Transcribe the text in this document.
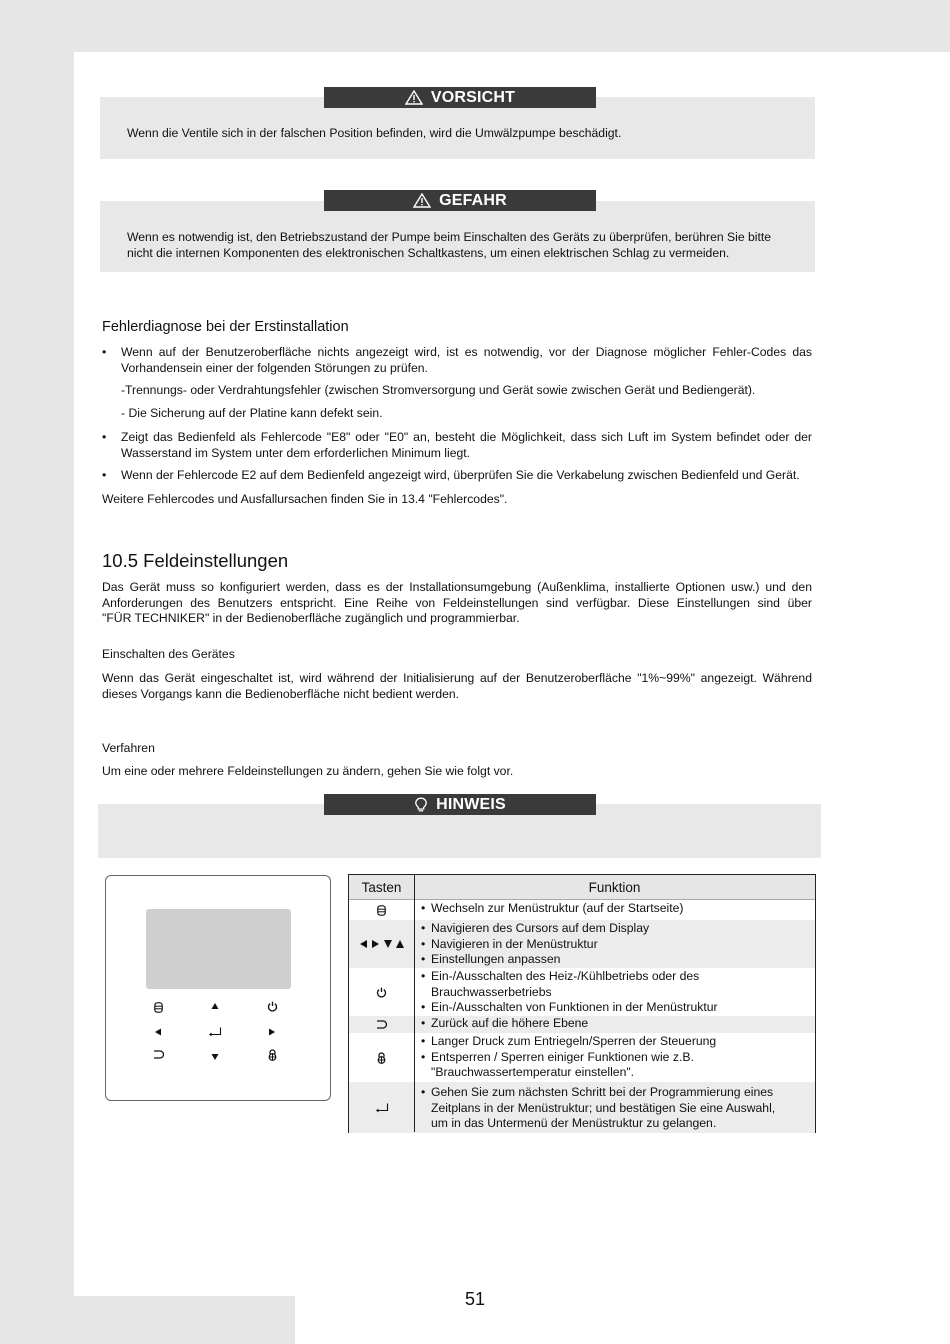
VORSICHT
Wenn die Ventile sich in der falschen Position befinden, wird die Umwälzpumpe beschädigt.
GEFAHR
Wenn es notwendig ist, den Betriebszustand der Pumpe beim Einschalten des Geräts zu überprüfen, berühren Sie bitte
nicht die internen Komponenten des elektronischen Schaltkastens, um einen elektrischen Schlag zu vermeiden.
Fehlerdiagnose bei der Erstinstallation
• Wenn auf der Benutzeroberfläche nichts angezeigt wird, ist es notwendig, vor der Diagnose möglicher Fehler-Codes das
Vorhandensein einer der folgenden Störungen zu prüfen.
-Trennungs- oder Verdrahtungsfehler (zwischen Stromversorgung und Gerät sowie zwischen Gerät und Bediengerät).
- Die Sicherung auf der Platine kann defekt sein.
• Zeigt das Bedienfeld als Fehlercode "E8" oder "E0" an, besteht die Möglichkeit, dass sich Luft im System befindet oder der
Wasserstand im System unter dem erforderlichen Minimum liegt.
• Wenn der Fehlercode E2 auf dem Bedienfeld angezeigt wird, überprüfen Sie die Verkabelung zwischen Bedienfeld und Gerät.
Weitere Fehlercodes und Ausfallursachen finden Sie in 13.4 "Fehlercodes".
10.5 Feldeinstellungen
Das Gerät muss so konfiguriert werden, dass es der Installationsumgebung (Außenklima, installierte Optionen usw.) und den
Anforderungen des Benutzers entspricht. Eine Reihe von Feldeinstellungen sind verfügbar. Diese Einstellungen sind über
"FÜR TECHNIKER" in der Bedienoberfläche zugänglich und programmierbar.
Einschalten des Gerätes
Wenn das Gerät eingeschaltet ist, wird während der Initialisierung auf der Benutzeroberfläche "1%~99%" angezeigt. Während
dieses Vorgangs kann die Bedienoberfläche nicht bedient werden.
Verfahren
Um eine oder mehrere Feldeinstellungen zu ändern, gehen Sie wie folgt vor.
HINWEIS
Tasten	Funktion
• Wechseln zur Menüstruktur (auf der Startseite)
• Navigieren des Cursors auf dem Display
• Navigieren in der Menüstruktur
• Einstellungen anpassen
• Ein-/Ausschalten des Heiz-/Kühlbetriebs oder des
Brauchwasserbetriebs
• Ein-/Ausschalten von Funktionen in der Menüstruktur
• Zurück auf die höhere Ebene
• Langer Druck zum Entriegeln/Sperren der Steuerung
• Entsperren / Sperren einiger Funktionen wie z.B.
"Brauchwassertemperatur einstellen".
• Gehen Sie zum nächsten Schritt bei der Programmierung eines
Zeitplans in der Menüstruktur; und bestätigen Sie eine Auswahl,
um in das Untermenü der Menüstruktur zu gelangen.
51
